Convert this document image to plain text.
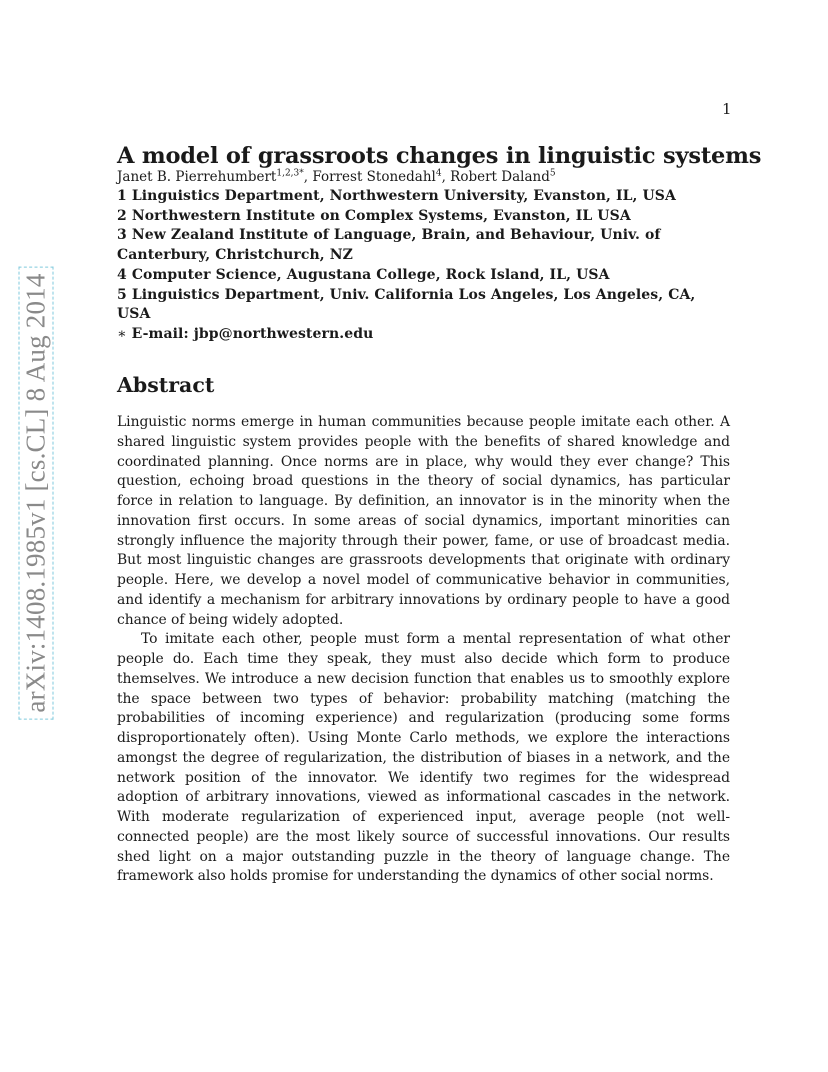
1
arXiv:1408.1985v1 [cs.CL] 8 Aug 2014
A model of grassroots changes in linguistic systems
Janet B. Pierrehumbert$^{1,2,3*}$, Forrest Stonedahl$^4$, Robert Daland$^5$
1 Linguistics Department, Northwestern University, Evanston, IL, USA
2 Northwestern Institute on Complex Systems, Evanston, IL USA
3 New Zealand Institute of Language, Brain, and Behaviour, Univ. of
Canterbury, Christchurch, NZ
4 Computer Science, Augustana College, Rock Island, IL, USA
5 Linguistics Department, Univ. California Los Angeles, Los Angeles, CA,
USA
∗ E-mail: jbp@northwestern.edu
Abstract

Linguistic norms emerge in human communities because people imitate each other. A shared linguistic system provides people with the benefits of shared knowledge and coordinated planning. Once norms are in place, why would they ever change? This question, echoing broad questions in the theory of social dynamics, has particular force in relation to language. By definition, an innovator is in the minority when the innovation first occurs. In some areas of social dynamics, important minorities can strongly influence the majority through their power, fame, or use of broadcast media. But most linguistic changes are grassroots developments that originate with ordinary people. Here, we develop a novel model of communicative behavior in communities, and identify a mechanism for arbitrary innovations by ordinary people to have a good chance of being widely adopted.

To imitate each other, people must form a mental representation of what other people do. Each time they speak, they must also decide which form to produce themselves. We introduce a new decision function that enables us to smoothly explore the space between two types of behavior: probability matching (matching the probabilities of incoming experience) and regularization (producing some forms disproportionately often). Using Monte Carlo methods, we explore the interactions amongst the degree of regularization, the distribution of biases in a network, and the network position of the innovator. We identify two regimes for the widespread adoption of arbitrary innovations, viewed as informational cascades in the network. With moderate regularization of experienced input, average people (not well-connected people) are the most likely source of successful innovations. Our results shed light on a major outstanding puzzle in the theory of language change. The framework also holds promise for understanding the dynamics of other social norms.
